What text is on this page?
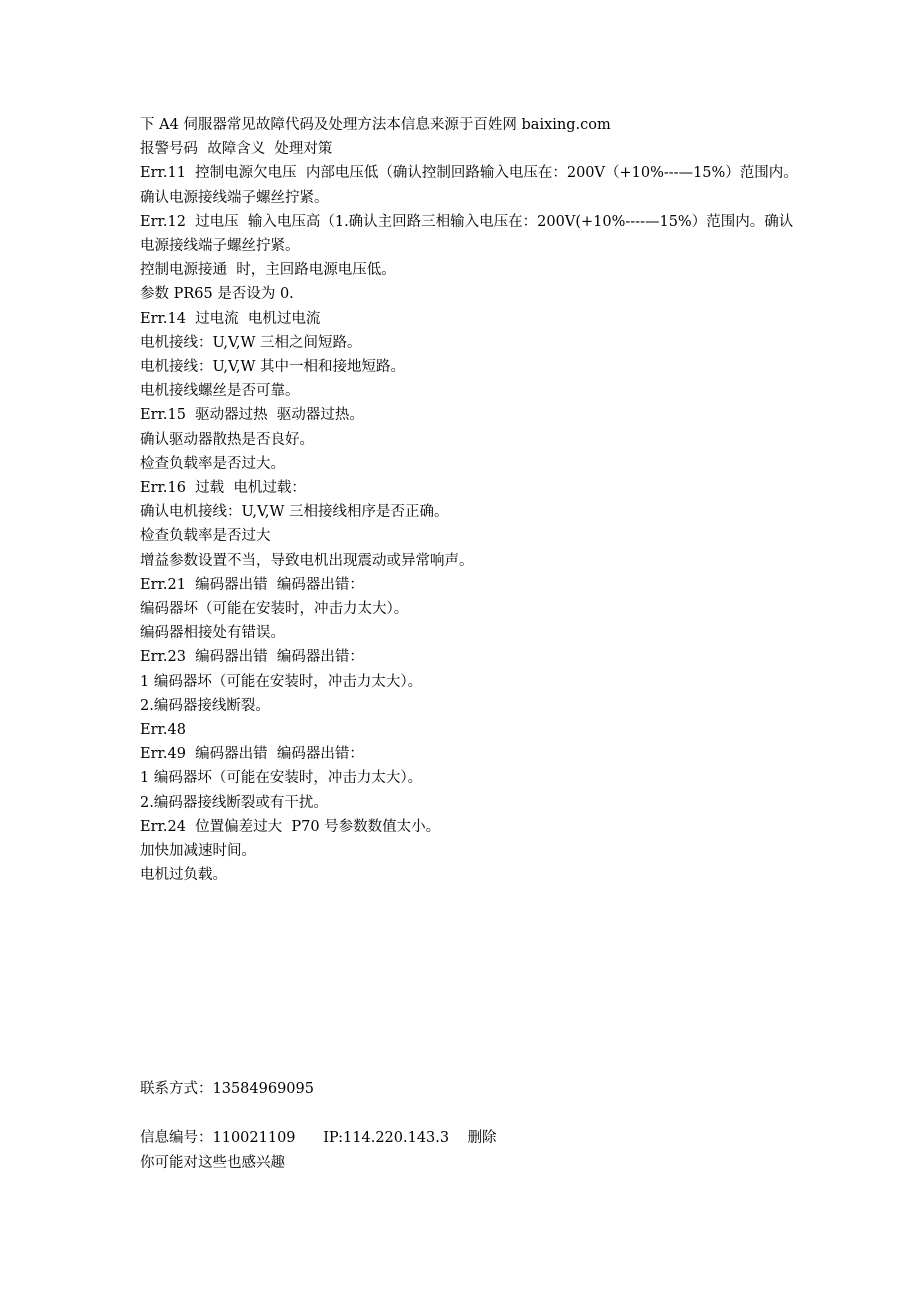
下 A4 伺服器常见故障代码及处理方法本信息来源于百姓网 baixing.com

报警号码  故障含义  处理对策

Err.11  控制电源欠电压  内部电压低（确认控制回路输入电压在：200V（+10%---—15%）范围内。确认电源接线端子螺丝拧紧。

Err.12  过电压  输入电压高（1.确认主回路三相输入电压在：200V(+10%----—15%）范围内。确认电源接线端子螺丝拧紧。

控制电源接通  时，主回路电源电压低。

参数 PR65 是否设为 0.

Err.14  过电流  电机过电流

电机接线：U,V,W 三相之间短路。

电机接线：U,V,W 其中一相和接地短路。

电机接线螺丝是否可靠。

Err.15  驱动器过热  驱动器过热。

确认驱动器散热是否良好。

检查负载率是否过大。

Err.16  过载  电机过载：

确认电机接线：U,V,W 三相接线相序是否正确。

检查负载率是否过大

增益参数设置不当，导致电机出现震动或异常响声。

Err.21  编码器出错  编码器出错：

编码器坏（可能在安装时，冲击力太大）。

编码器相接处有错误。

Err.23  编码器出错  编码器出错：

1 编码器坏（可能在安装时，冲击力太大）。

2.编码器接线断裂。

Err.48

Err.49  编码器出错  编码器出错：

1 编码器坏（可能在安装时，冲击力太大）。

2.编码器接线断裂或有干扰。

Err.24  位置偏差过大  P70 号参数数值太小。

加快加减速时间。

电机过负载。

联系方式：13584969095
信息编号：110021109 IP:114.220.143.3 删除
你可能对这些也感兴趣
